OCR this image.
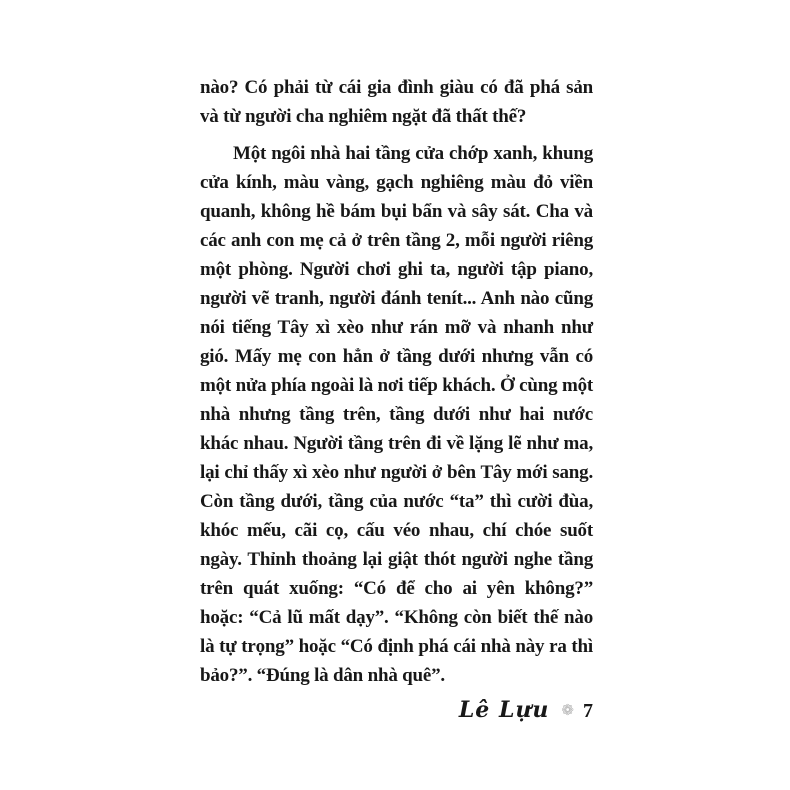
nào? Có phải từ cái gia đình giàu có đã phá sản và từ người cha nghiêm ngặt đã thất thế?

Một ngôi nhà hai tầng cửa chớp xanh, khung cửa kính, màu vàng, gạch nghiêng màu đỏ viền quanh, không hề bám bụi bẩn và sây sát. Cha và các anh con mẹ cả ở trên tầng 2, mỗi người riêng một phòng. Người chơi ghi ta, người tập piano, người vẽ tranh, người đánh tenít... Anh nào cũng nói tiếng Tây xì xèo như rán mỡ và nhanh như gió. Mấy mẹ con hẳn ở tầng dưới nhưng vẫn có một nửa phía ngoài là nơi tiếp khách. Ở cùng một nhà nhưng tầng trên, tầng dưới như hai nước khác nhau. Người tầng trên đi về lặng lẽ như ma, lại chỉ thấy xì xèo như người ở bên Tây mới sang. Còn tầng dưới, tầng của nước “ta” thì cười đùa, khóc mếu, cãi cọ, cấu véo nhau, chí chóe suốt ngày. Thỉnh thoảng lại giật thót người nghe tầng trên quát xuống: “Có để cho ai yên không?” hoặc: “Cả lũ mất dạy”. “Không còn biết thế nào là tự trọng” hoặc “Có định phá cái nhà này ra thì bảo?”. “Đúng là dân nhà quê”.

Lê Lựu ❁ 7
